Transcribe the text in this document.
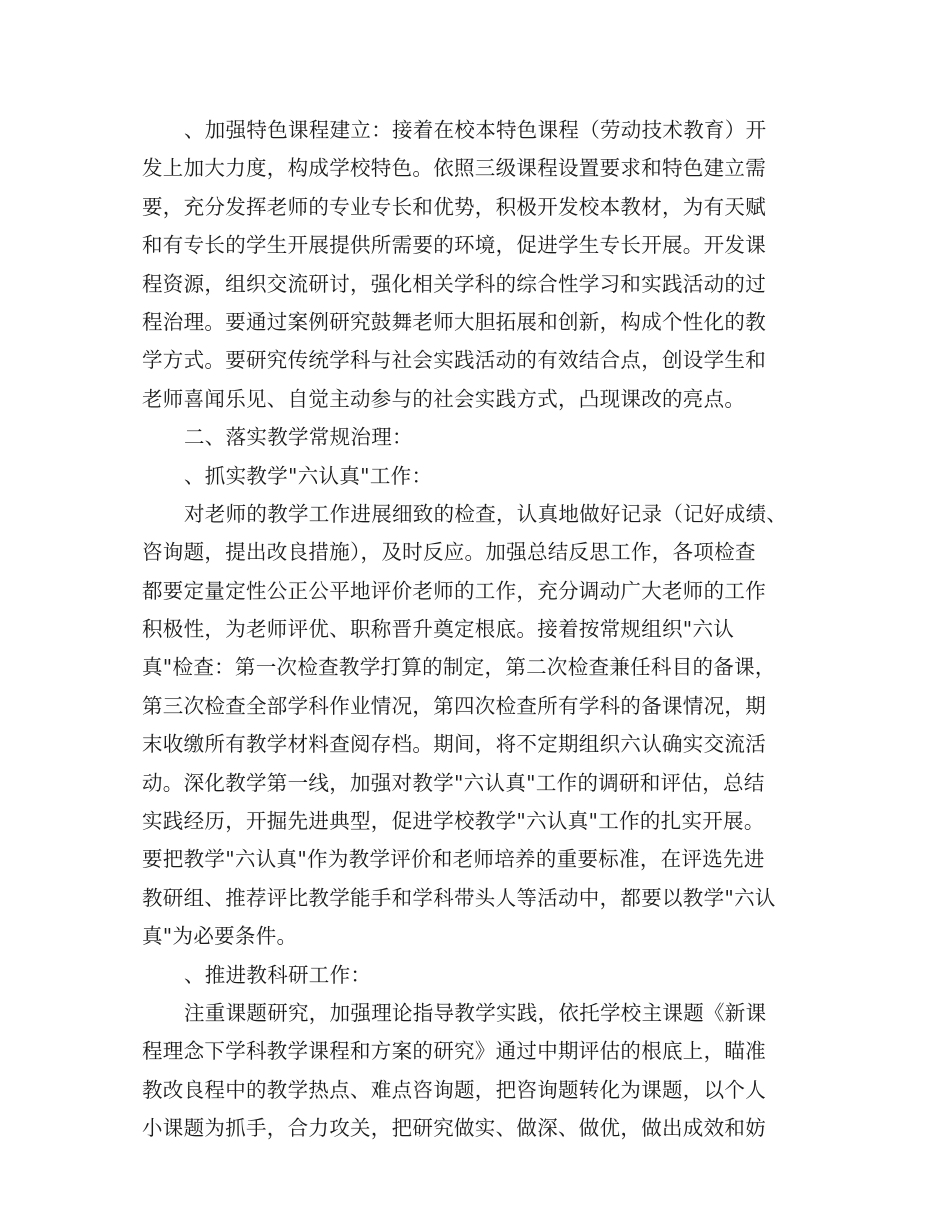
、加强特色课程建立：接着在校本特色课程（劳动技术教育）开
发上加大力度，构成学校特色。依照三级课程设置要求和特色建立需
要，充分发挥老师的专业专长和优势，积极开发校本教材，为有天赋
和有专长的学生开展提供所需要的环境，促进学生专长开展。开发课
程资源，组织交流研讨，强化相关学科的综合性学习和实践活动的过
程治理。要通过案例研究鼓舞老师大胆拓展和创新，构成个性化的教
学方式。要研究传统学科与社会实践活动的有效结合点，创设学生和
老师喜闻乐见、自觉主动参与的社会实践方式，凸现课改的亮点。
二、落实教学常规治理：
、抓实教学"六认真"工作：
对老师的教学工作进展细致的检查，认真地做好记录（记好成绩、
咨询题，提出改良措施），及时反应。加强总结反思工作，各项检查
都要定量定性公正公平地评价老师的工作，充分调动广大老师的工作
积极性，为老师评优、职称晋升奠定根底。接着按常规组织"六认
真"检查：第一次检查教学打算的制定，第二次检查兼任科目的备课，
第三次检查全部学科作业情况，第四次检查所有学科的备课情况，期
末收缴所有教学材料查阅存档。期间，将不定期组织六认确实交流活
动。深化教学第一线，加强对教学"六认真"工作的调研和评估，总结
实践经历，开掘先进典型，促进学校教学"六认真"工作的扎实开展。
要把教学"六认真"作为教学评价和老师培养的重要标准，在评选先进
教研组、推荐评比教学能手和学科带头人等活动中，都要以教学"六认
真"为必要条件。
、推进教科研工作：
注重课题研究，加强理论指导教学实践，依托学校主课题《新课
程理念下学科教学课程和方案的研究》通过中期评估的根底上，瞄准
教改良程中的教学热点、难点咨询题，把咨询题转化为课题，以个人
小课题为抓手，合力攻关，把研究做实、做深、做优，做出成效和妨
